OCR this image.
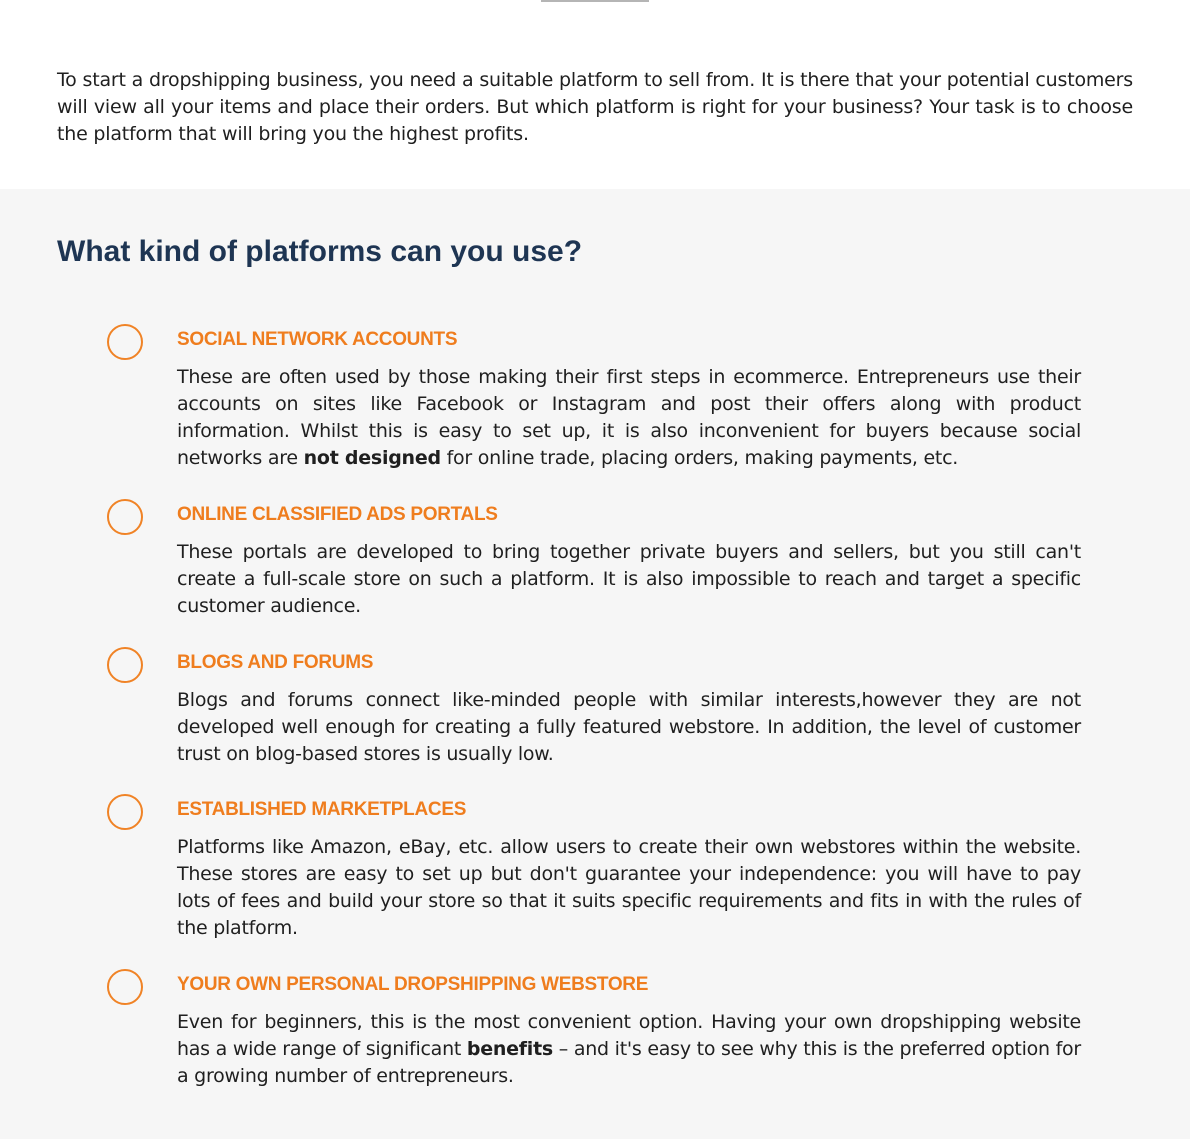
To start a dropshipping business, you need a suitable platform to sell from. It is there that your potential customers will view all your items and place their orders. But which platform is right for your business? Your task is to choose the platform that will bring you the highest profits.

What kind of platforms can you use?
SOCIAL NETWORK ACCOUNTS

These are often used by those making their first steps in ecommerce. Entrepreneurs use their accounts on sites like Facebook or Instagram and post their offers along with product information. Whilst this is easy to set up, it is also inconvenient for buyers because social networks are not designed for online trade, placing orders, making payments, etc.

ONLINE CLASSIFIED ADS PORTALS

These portals are developed to bring together private buyers and sellers, but you still can't create a full-scale store on such a platform. It is also impossible to reach and target a specific customer audience.

BLOGS AND FORUMS

Blogs and forums connect like-minded people with similar interests,however they are not developed well enough for creating a fully featured webstore. In addition, the level of customer trust on blog-based stores is usually low.

ESTABLISHED MARKETPLACES

Platforms like Amazon, eBay, etc. allow users to create their own webstores within the website. These stores are easy to set up but don't guarantee your independence: you will have to pay lots of fees and build your store so that it suits specific requirements and fits in with the rules of the platform.

YOUR OWN PERSONAL DROPSHIPPING WEBSTORE

Even for beginners, this is the most convenient option. Having your own dropshipping website has a wide range of significant benefits – and it's easy to see why this is the preferred option for a growing number of entrepreneurs.
